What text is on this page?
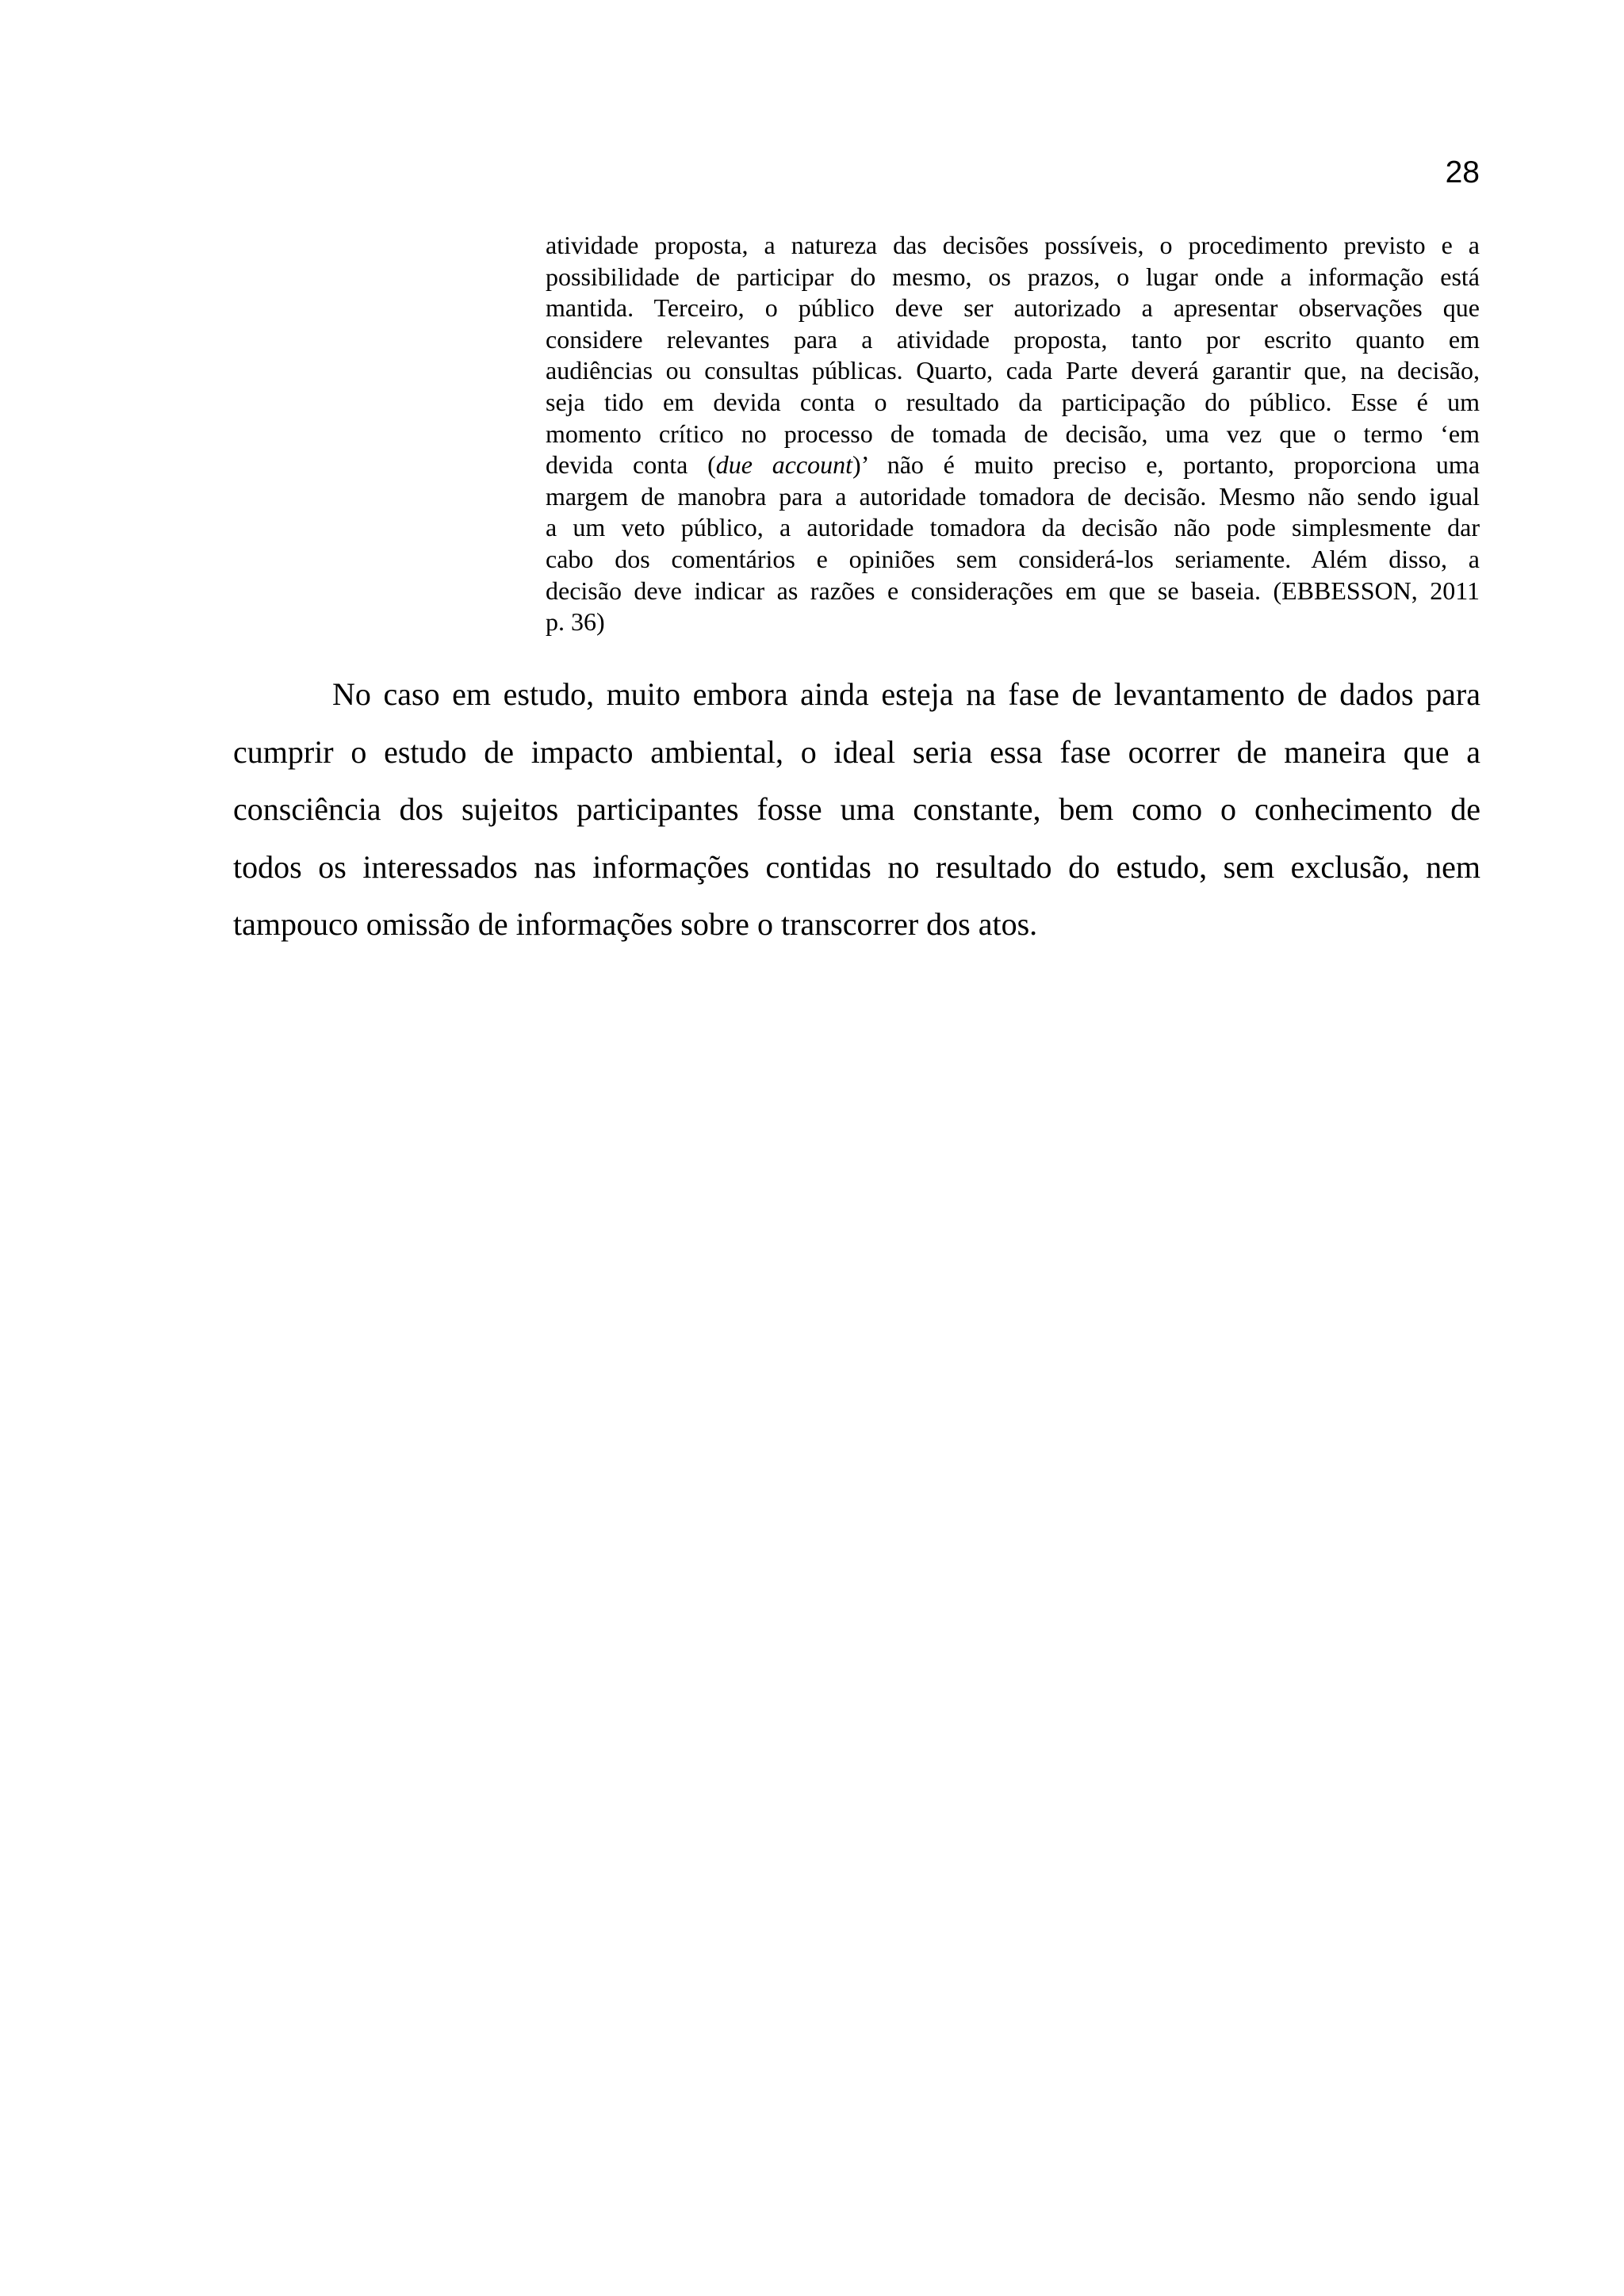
28
atividade proposta, a natureza das decisões possíveis, o procedimento previsto e a
possibilidade de participar do mesmo, os prazos, o lugar onde a informação está
mantida. Terceiro, o público deve ser autorizado a apresentar observações que
considere relevantes para a atividade proposta, tanto por escrito quanto em
audiências ou consultas públicas. Quarto, cada Parte deverá garantir que, na decisão,
seja tido em devida conta o resultado da participação do público. Esse é um
momento crítico no processo de tomada de decisão, uma vez que o termo ‘em
devida conta (due account)’ não é muito preciso e, portanto, proporciona uma
margem de manobra para a autoridade tomadora de decisão. Mesmo não sendo igual
a um veto público, a autoridade tomadora da decisão não pode simplesmente dar
cabo dos comentários e opiniões sem considerá-los seriamente. Além disso, a
decisão deve indicar as razões e considerações em que se baseia. (EBBESSON, 2011
p. 36)
No caso em estudo, muito embora ainda esteja na fase de levantamento de dados para
cumprir o estudo de impacto ambiental, o ideal seria essa fase ocorrer de maneira que a
consciência dos sujeitos participantes fosse uma constante, bem como o conhecimento de
todos os interessados nas informações contidas no resultado do estudo, sem exclusão, nem
tampouco omissão de informações sobre o transcorrer dos atos.
